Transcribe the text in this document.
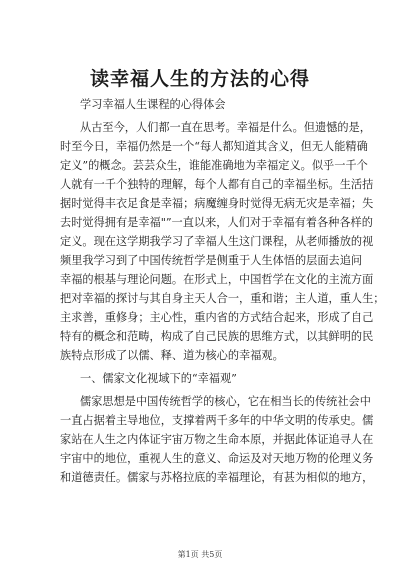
读幸福人生的方法的心得
学习幸福人生课程的心得体会
从古至今，人们都一直在思考。幸福是什么。但遗憾的是，
时至今日，幸福仍然是一个“每人都知道其含义，但无人能精确
定义”的概念。芸芸众生，谁能准确地为幸福定义。似乎一千个
人就有一千个独特的理解，每个人都有自己的幸福坐标。生活拮
据时觉得丰衣足食是幸福；病魔缠身时觉得无病无灾是幸福；失
去时觉得拥有是幸福"”一直以来，人们对于幸福有着各种各样的
定义。现在这学期我学习了幸福人生这门课程，从老师播放的视
频里我学习到了中国传统哲学是侧重于人生体悟的层面去追问
幸福的根基与理论问题。在形式上，中国哲学在文化的主流方面
把对幸福的探讨与其自身主天人合一，重和谐；主人道，重人生；
主求善，重修身；主心性，重内省的方式结合起来，形成了自己
特有的概念和范畴，构成了自己民族的思维方式，以其鲜明的民
族特点形成了以儒、释、道为核心的幸福观。
一、儒家文化视域下的“幸福观”
儒家思想是中国传统哲学的核心，它在相当长的传统社会中
一直占据着主导地位，支撑着两千多年的中华文明的传承史。儒
家站在人生之内体证宇宙万物之生命本原，并据此体证追寻人在
宇宙中的地位，重视人生的意义、命运及对天地万物的伦理义务
和道德责任。儒家与苏格拉底的幸福理论，有甚为相似的地方，
第1页 共5页
